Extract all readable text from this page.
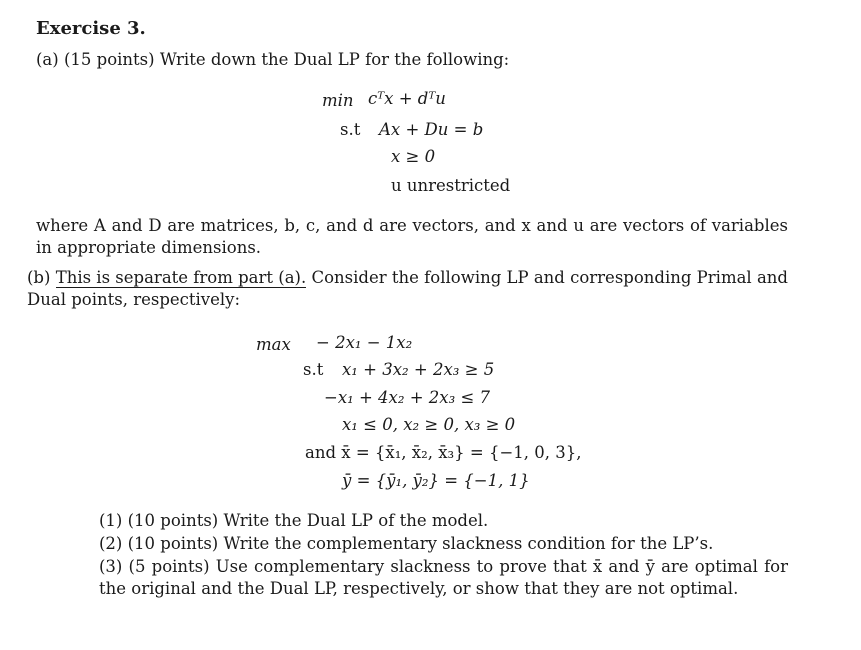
Exercise 3.
(a) (15 points) Write down the Dual LP for the following:
min cᵀx + dᵀu
s.t Ax + Du = b
x ≥ 0
u unrestricted
where A and D are matrices, b, c, and d are vectors, and x and u are vectors of variables in appropriate dimensions.
(b) This is separate from part (a). Consider the following LP and corresponding Primal and Dual points, respectively:
max − 2x₁ − 1x₂
s.t x₁ + 3x₂ + 2x₃ ≥ 5
−x₁ + 4x₂ + 2x₃ ≤ 7
x₁ ≤ 0, x₂ ≥ 0, x₃ ≥ 0
and x̄ = {x̄₁, x̄₂, x̄₃} = {−1, 0, 3},
ȳ = {ȳ₁, ȳ₂} = {−1, 1}
(1) (10 points) Write the Dual LP of the model.
(2) (10 points) Write the complementary slackness condition for the LP’s.
(3) (5 points) Use complementary slackness to prove that x̄ and ȳ are optimal for the original and the Dual LP, respectively, or show that they are not optimal.
